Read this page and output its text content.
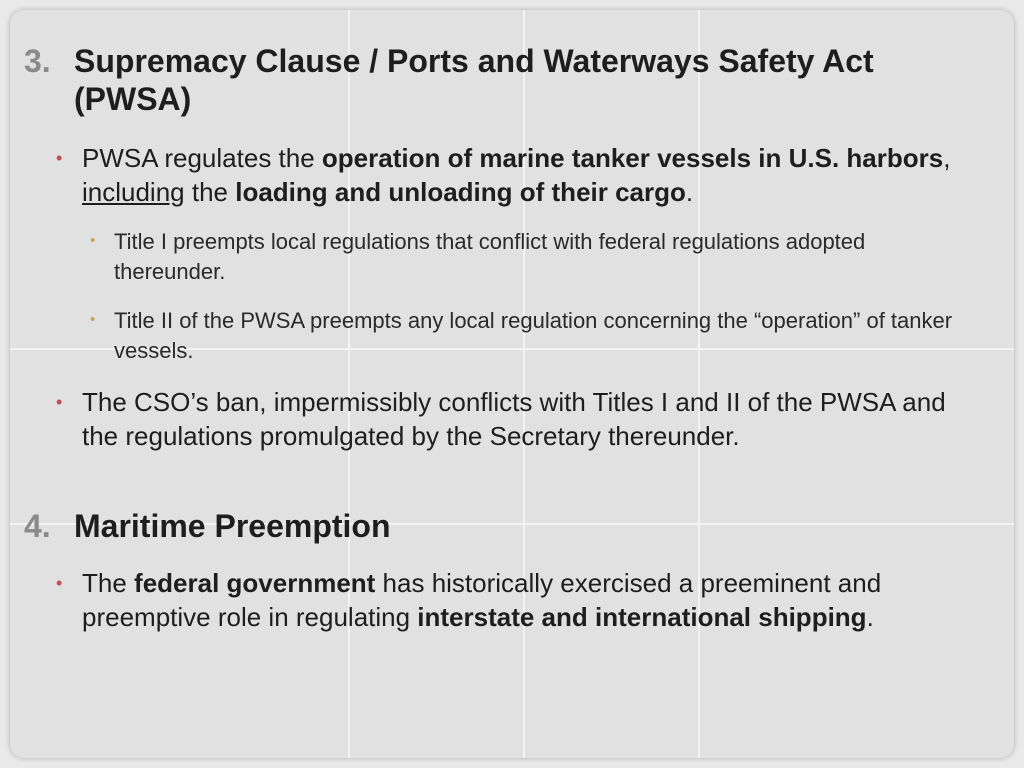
3. Supremacy Clause / Ports and Waterways Safety Act (PWSA)
• PWSA regulates the operation of marine tanker vessels in U.S. harbors, including the loading and unloading of their cargo.
• Title I preempts local regulations that conflict with federal regulations adopted thereunder.
• Title II of the PWSA preempts any local regulation concerning the “operation” of tanker vessels.
• The CSO’s ban, impermissibly conflicts with Titles I and II of the PWSA and the regulations promulgated by the Secretary thereunder.
4. Maritime Preemption
• The federal government has historically exercised a preeminent and preemptive role in regulating interstate and international shipping.
